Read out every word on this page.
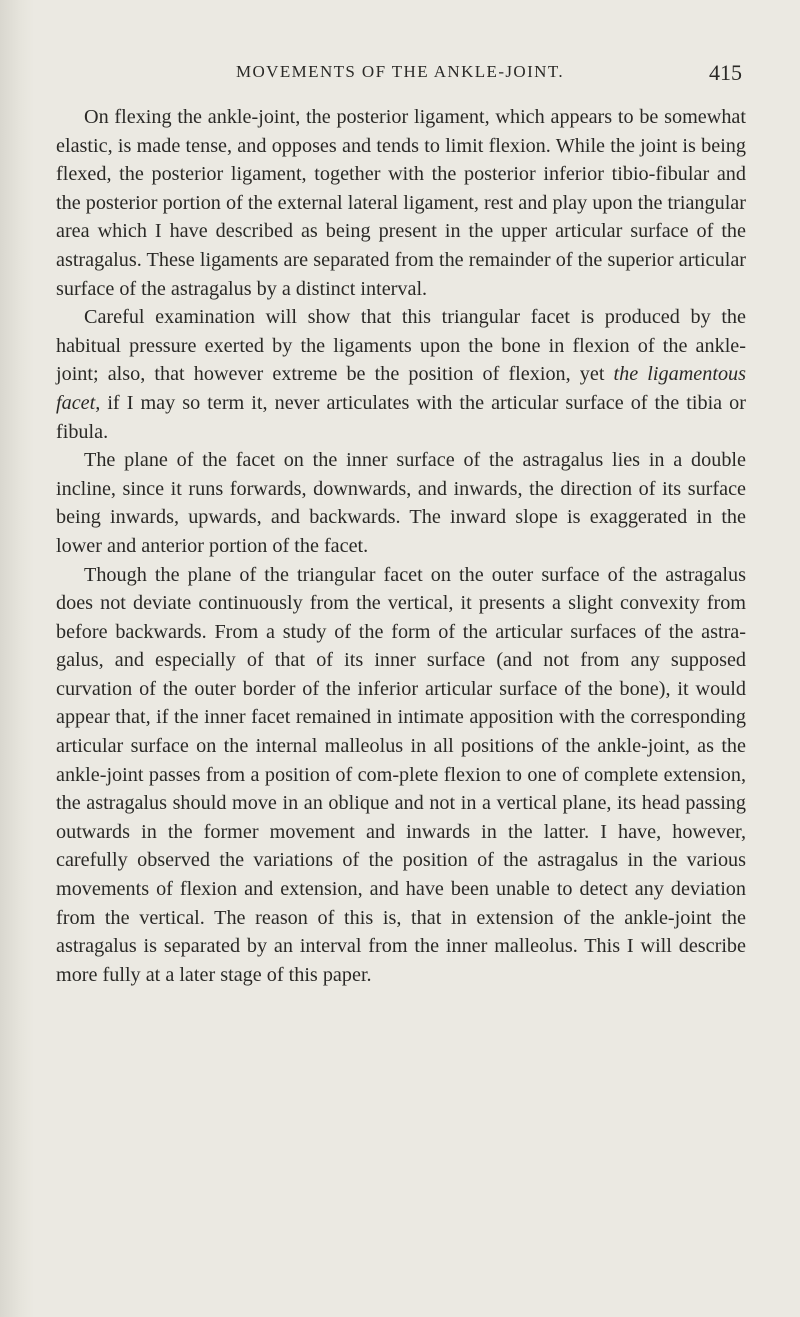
MOVEMENTS OF THE ANKLE-JOINT.	415

On flexing the ankle-joint, the posterior ligament, which appears to be somewhat elastic, is made tense, and opposes and tends to limit flexion. While the joint is being flexed, the posterior ligament, together with the posterior inferior tibio-fibular and the posterior portion of the external lateral ligament, rest and play upon the triangular area which I have described as being present in the upper articular surface of the astragalus. These ligaments are separated from the remainder of the superior articular surface of the astragalus by a distinct interval.

Careful examination will show that this triangular facet is produced by the habitual pressure exerted by the ligaments upon the bone in flexion of the ankle-joint; also, that however extreme be the position of flexion, yet the ligamentous facet, if I may so term it, never articulates with the articular surface of the tibia or fibula.

The plane of the facet on the inner surface of the astragalus lies in a double incline, since it runs forwards, downwards, and inwards, the direction of its surface being inwards, upwards, and backwards. The inward slope is exaggerated in the lower and anterior portion of the facet.

Though the plane of the triangular facet on the outer surface of the astragalus does not deviate continuously from the vertical, it presents a slight convexity from before backwards. From a study of the form of the articular surfaces of the astra-galus, and especially of that of its inner surface (and not from any supposed curvation of the outer border of the inferior articular surface of the bone), it would appear that, if the inner facet remained in intimate apposition with the corresponding articular surface on the internal malleolus in all positions of the ankle-joint, as the ankle-joint passes from a position of com-plete flexion to one of complete extension, the astragalus should move in an oblique and not in a vertical plane, its head passing outwards in the former movement and inwards in the latter. I have, however, carefully observed the variations of the position of the astragalus in the various movements of flexion and extension, and have been unable to detect any deviation from the vertical. The reason of this is, that in extension of the ankle-joint the astragalus is separated by an interval from the inner malleolus. This I will describe more fully at a later stage of this paper.
